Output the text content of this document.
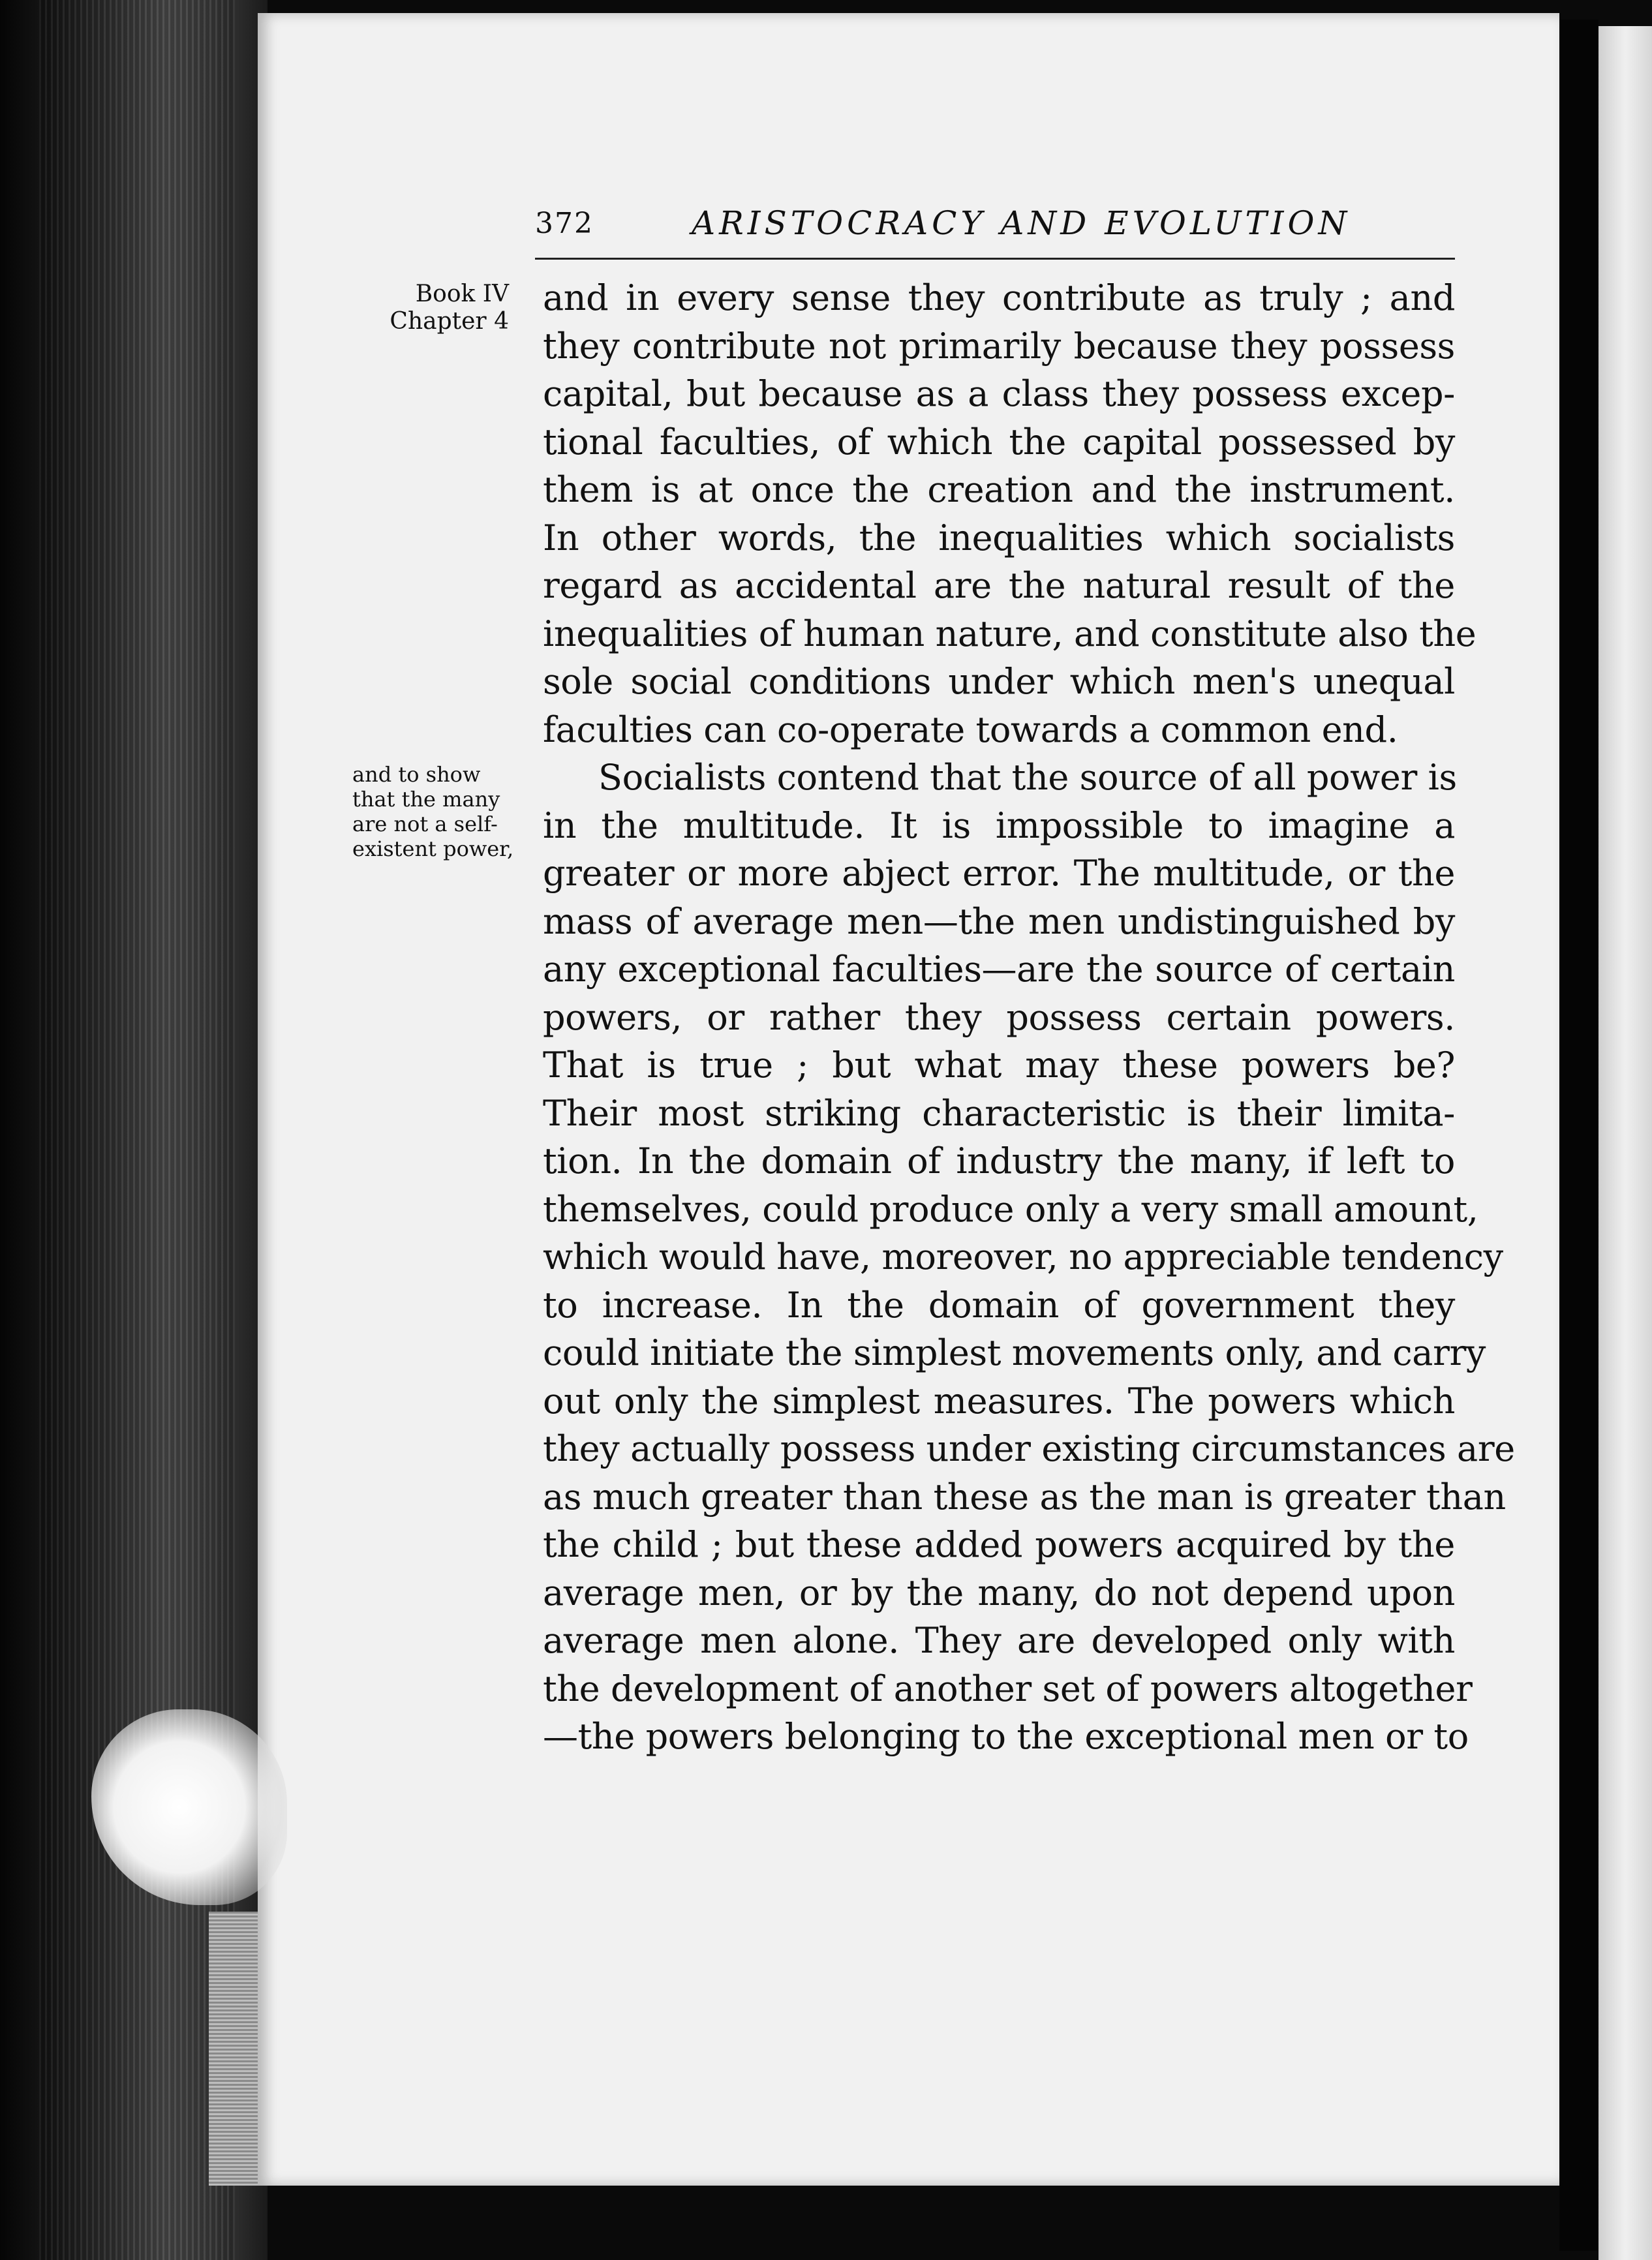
372	ARISTOCRACY AND EVOLUTION
Book IV
Chapter 4
and to show
that the many
are not a self-
existent power,
and in every sense they contribute as truly ; and
they contribute not primarily because they possess
capital, but because as a class they possess excep-
tional faculties, of which the capital possessed by
them is at once the creation and the instrument.
In other words, the inequalities which socialists
regard as accidental are the natural result of the
inequalities of human nature, and constitute also the
sole social conditions under which men's unequal
faculties can co-operate towards a common end.
Socialists contend that the source of all power is
in the multitude. It is impossible to imagine a
greater or more abject error. The multitude, or the
mass of average men—the men undistinguished by
any exceptional faculties—are the source of certain
powers, or rather they possess certain powers.
That is true ; but what may these powers be?
Their most striking characteristic is their limita-
tion. In the domain of industry the many, if left to
themselves, could produce only a very small amount,
which would have, moreover, no appreciable tendency
to increase. In the domain of government they
could initiate the simplest movements only, and carry
out only the simplest measures. The powers which
they actually possess under existing circumstances are
as much greater than these as the man is greater than
the child ; but these added powers acquired by the
average men, or by the many, do not depend upon
average men alone. They are developed only with
the development of another set of powers altogether
—the powers belonging to the exceptional men or to
